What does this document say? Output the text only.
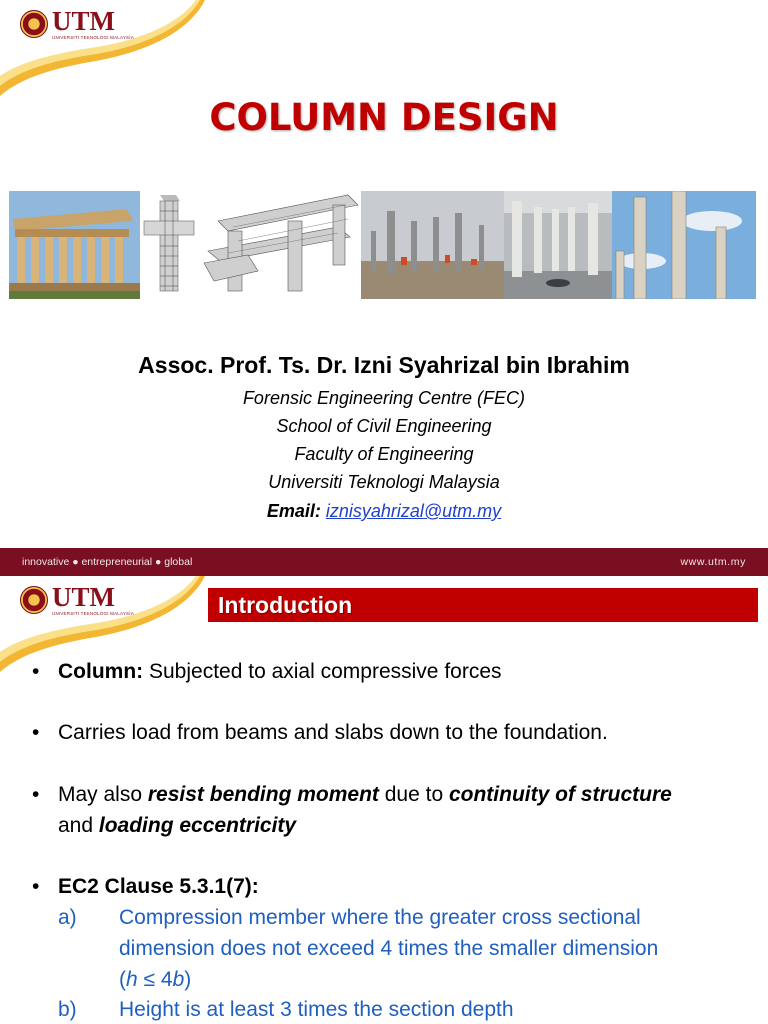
UTM
UNIVERSITI TEKNOLOGI MALAYSIA
COLUMN DESIGN
Assoc. Prof. Ts. Dr. Izni Syahrizal bin Ibrahim
Forensic Engineering Centre (FEC)
School of Civil Engineering
Faculty of Engineering
Universiti Teknologi Malaysia
Email: iznisyahrizal@utm.my
innovative ● entrepreneurial ● global	www.utm.my
UTM
UNIVERSITI TEKNOLOGI MALAYSIA	Introduction
• Column: Subjected to axial compressive forces
• Carries load from beams and slabs down to the foundation.
• May also resist bending moment due to continuity of structure
and loading eccentricity
• EC2 Clause 5.3.1(7):
a) Compression member where the greater cross sectional
dimension does not exceed 4 times the smaller dimension
(h ≤ 4b)
b) Height is at least 3 times the section depth
